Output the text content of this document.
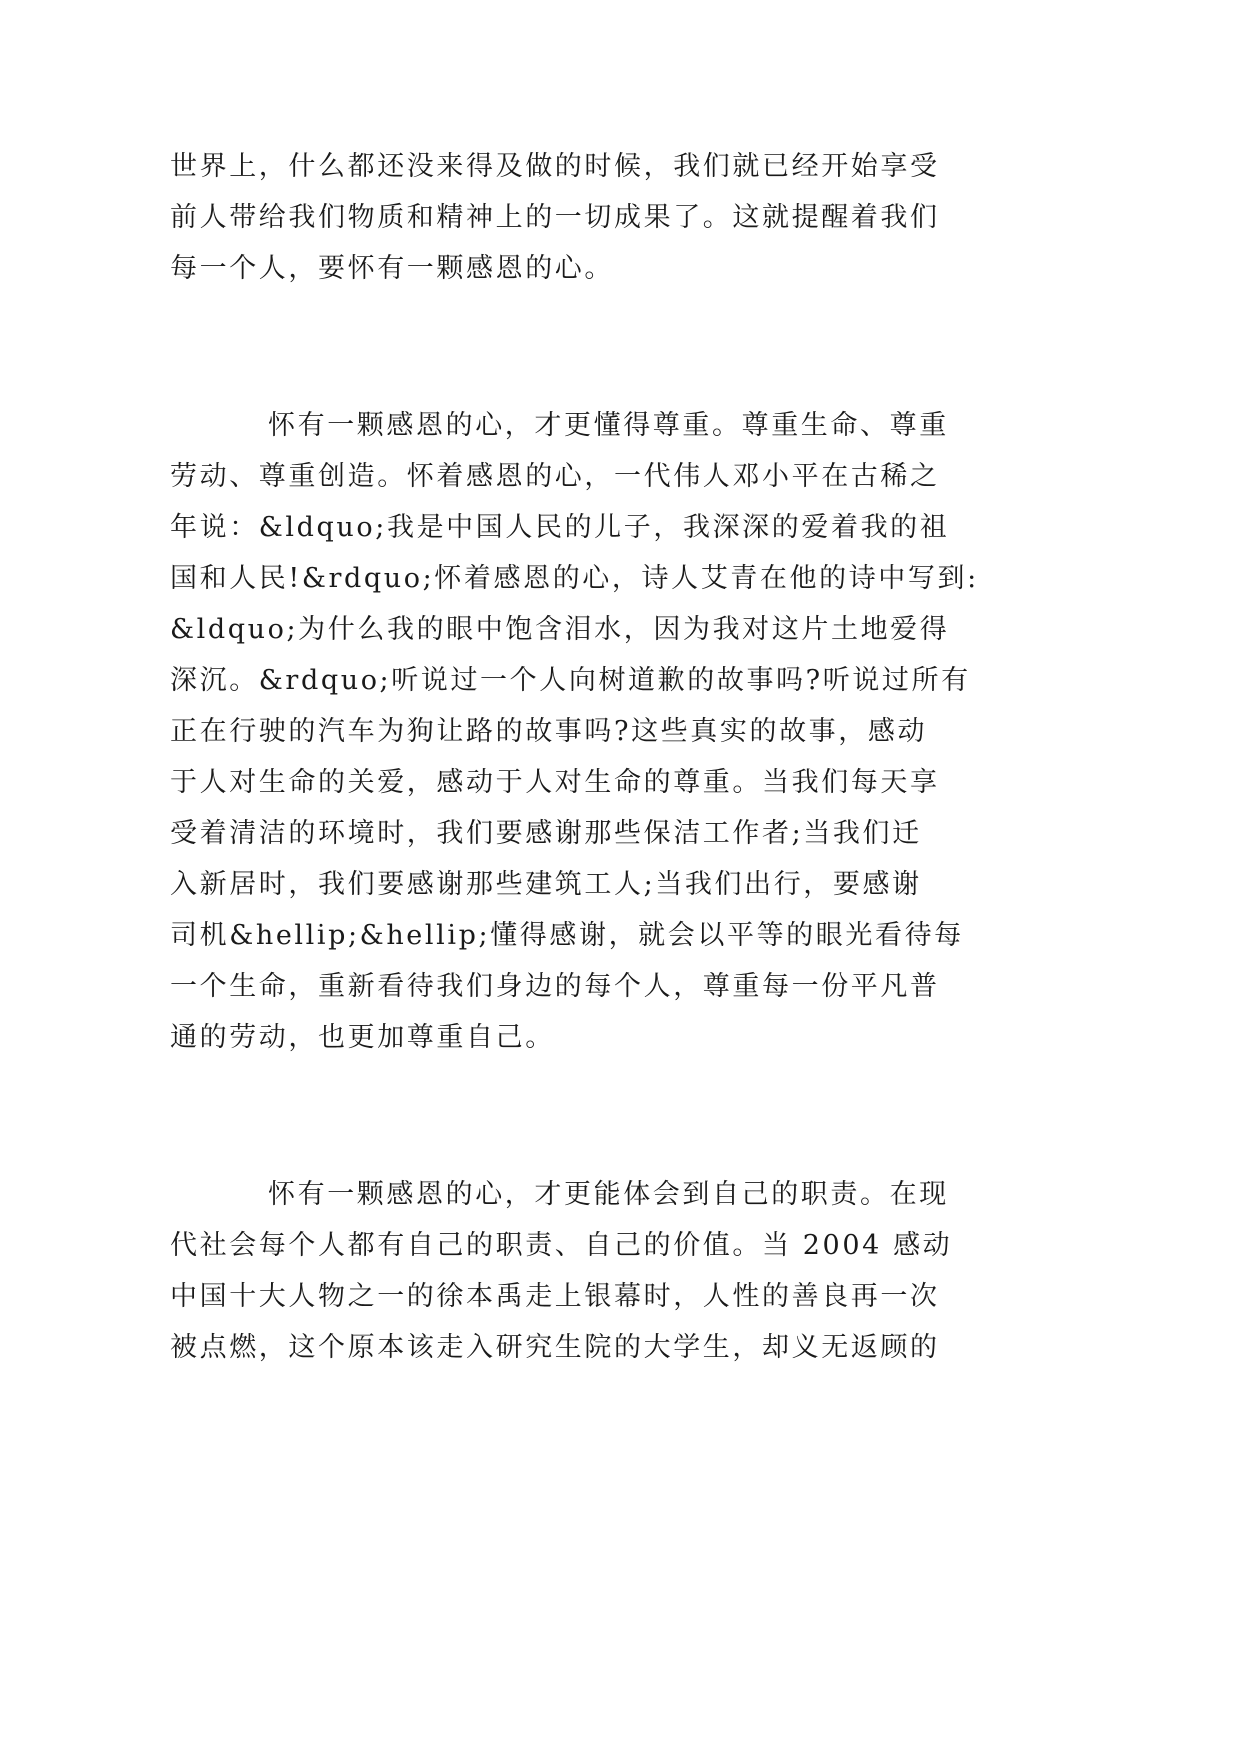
世界上，什么都还没来得及做的时候，我们就已经开始享受
前人带给我们物质和精神上的一切成果了。这就提醒着我们
每一个人，要怀有一颗感恩的心。
怀有一颗感恩的心，才更懂得尊重。尊重生命、尊重
劳动、尊重创造。怀着感恩的心，一代伟人邓小平在古稀之
年说：&ldquo;我是中国人民的儿子，我深深的爱着我的祖
国和人民!&rdquo;怀着感恩的心，诗人艾青在他的诗中写到:
&ldquo;为什么我的眼中饱含泪水，因为我对这片土地爱得
深沉。&rdquo;听说过一个人向树道歉的故事吗?听说过所有
正在行驶的汽车为狗让路的故事吗?这些真实的故事，感动
于人对生命的关爱，感动于人对生命的尊重。当我们每天享
受着清洁的环境时，我们要感谢那些保洁工作者;当我们迁
入新居时，我们要感谢那些建筑工人;当我们出行，要感谢
司机&hellip;&hellip;懂得感谢，就会以平等的眼光看待每
一个生命，重新看待我们身边的每个人，尊重每一份平凡普
通的劳动，也更加尊重自己。
怀有一颗感恩的心，才更能体会到自己的职责。在现
代社会每个人都有自己的职责、自己的价值。当 2004 感动
中国十大人物之一的徐本禹走上银幕时，人性的善良再一次
被点燃，这个原本该走入研究生院的大学生，却义无返顾的
